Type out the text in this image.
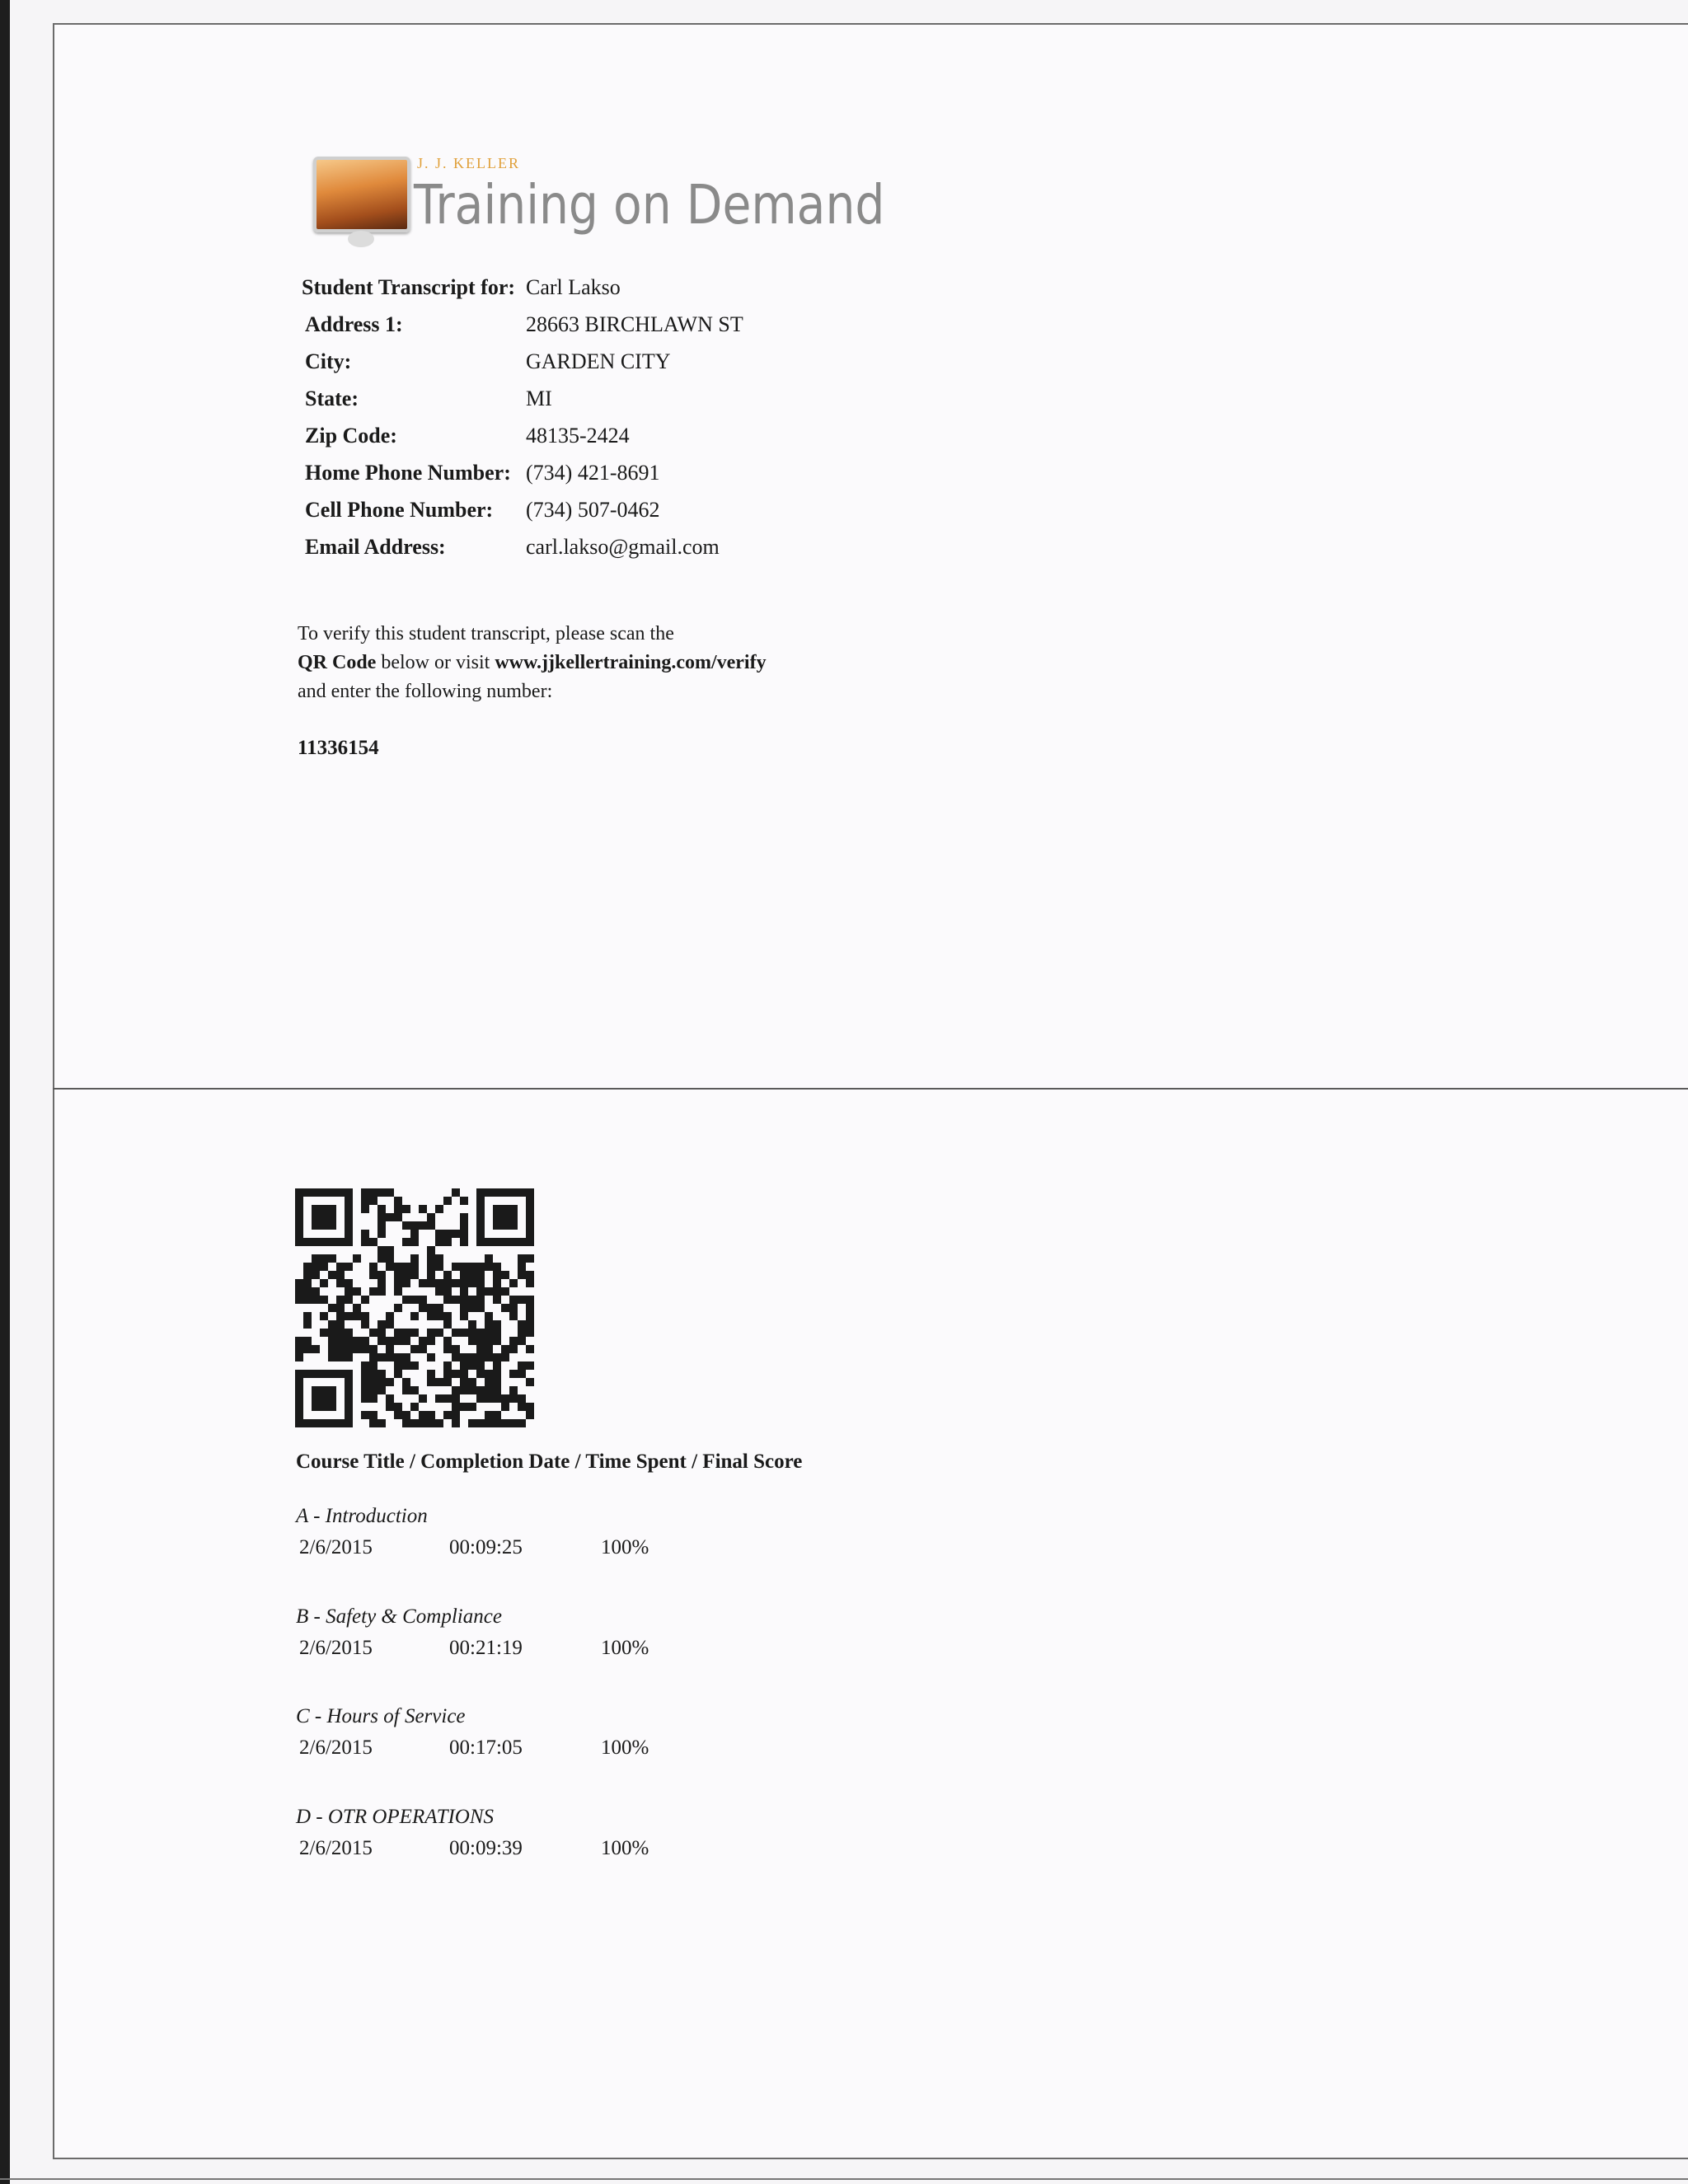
J. J. KELLER
Training on Demand
Student Transcript for: Carl Lakso
Address 1:	28663 BIRCHLAWN ST
City:	GARDEN CITY
State:	MI
Zip Code:	48135-2424
Home Phone Number: (734) 421-8691
Cell Phone Number: (734) 507-0462
Email Address:	carl.lakso@gmail.com
To verify this student transcript, please scan the
QR Code below or visit www.jjkellertraining.com/verify
and enter the following number:
11336154
Course Title / Completion Date / Time Spent / Final Score
A - Introduction
2/6/2015	00:09:25	100%
B - Safety & Compliance
2/6/2015	00:21:19	100%
C - Hours of Service
2/6/2015	00:17:05	100%
D - OTR OPERATIONS
2/6/2015	00:09:39	100%
